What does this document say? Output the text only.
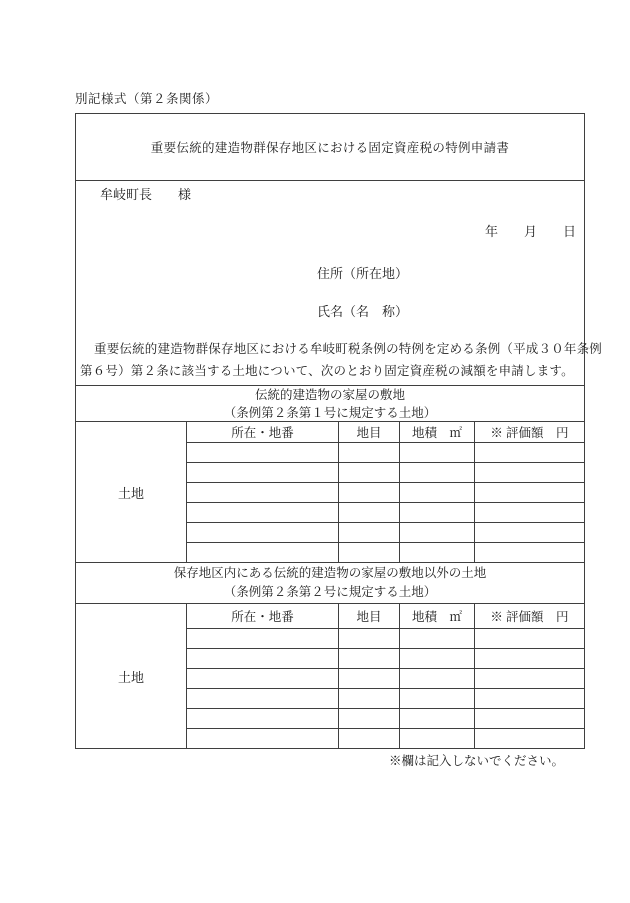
別記様式（第２条関係）
重要伝統的建造物群保存地区における固定資産税の特例申請書
牟岐町長 様
年　　月　　日
住所（所在地）
氏名（名　称）
重要伝統的建造物群保存地区における牟岐町税条例の特例を定める条例（平成３０年条例
第６号）第２条に該当する土地について、次のとおり固定資産税の減額を申請します。
伝統的建造物の家屋の敷地
（条例第２条第１号に規定する土地）
土地
所在・地番	地目	地積　㎡	※ 評価額　円
保存地区内にある伝統的建造物の家屋の敷地以外の土地
（条例第２条第２号に規定する土地）
土地
所在・地番	地目	地積　㎡	※ 評価額　円
※欄は記入しないでください。
